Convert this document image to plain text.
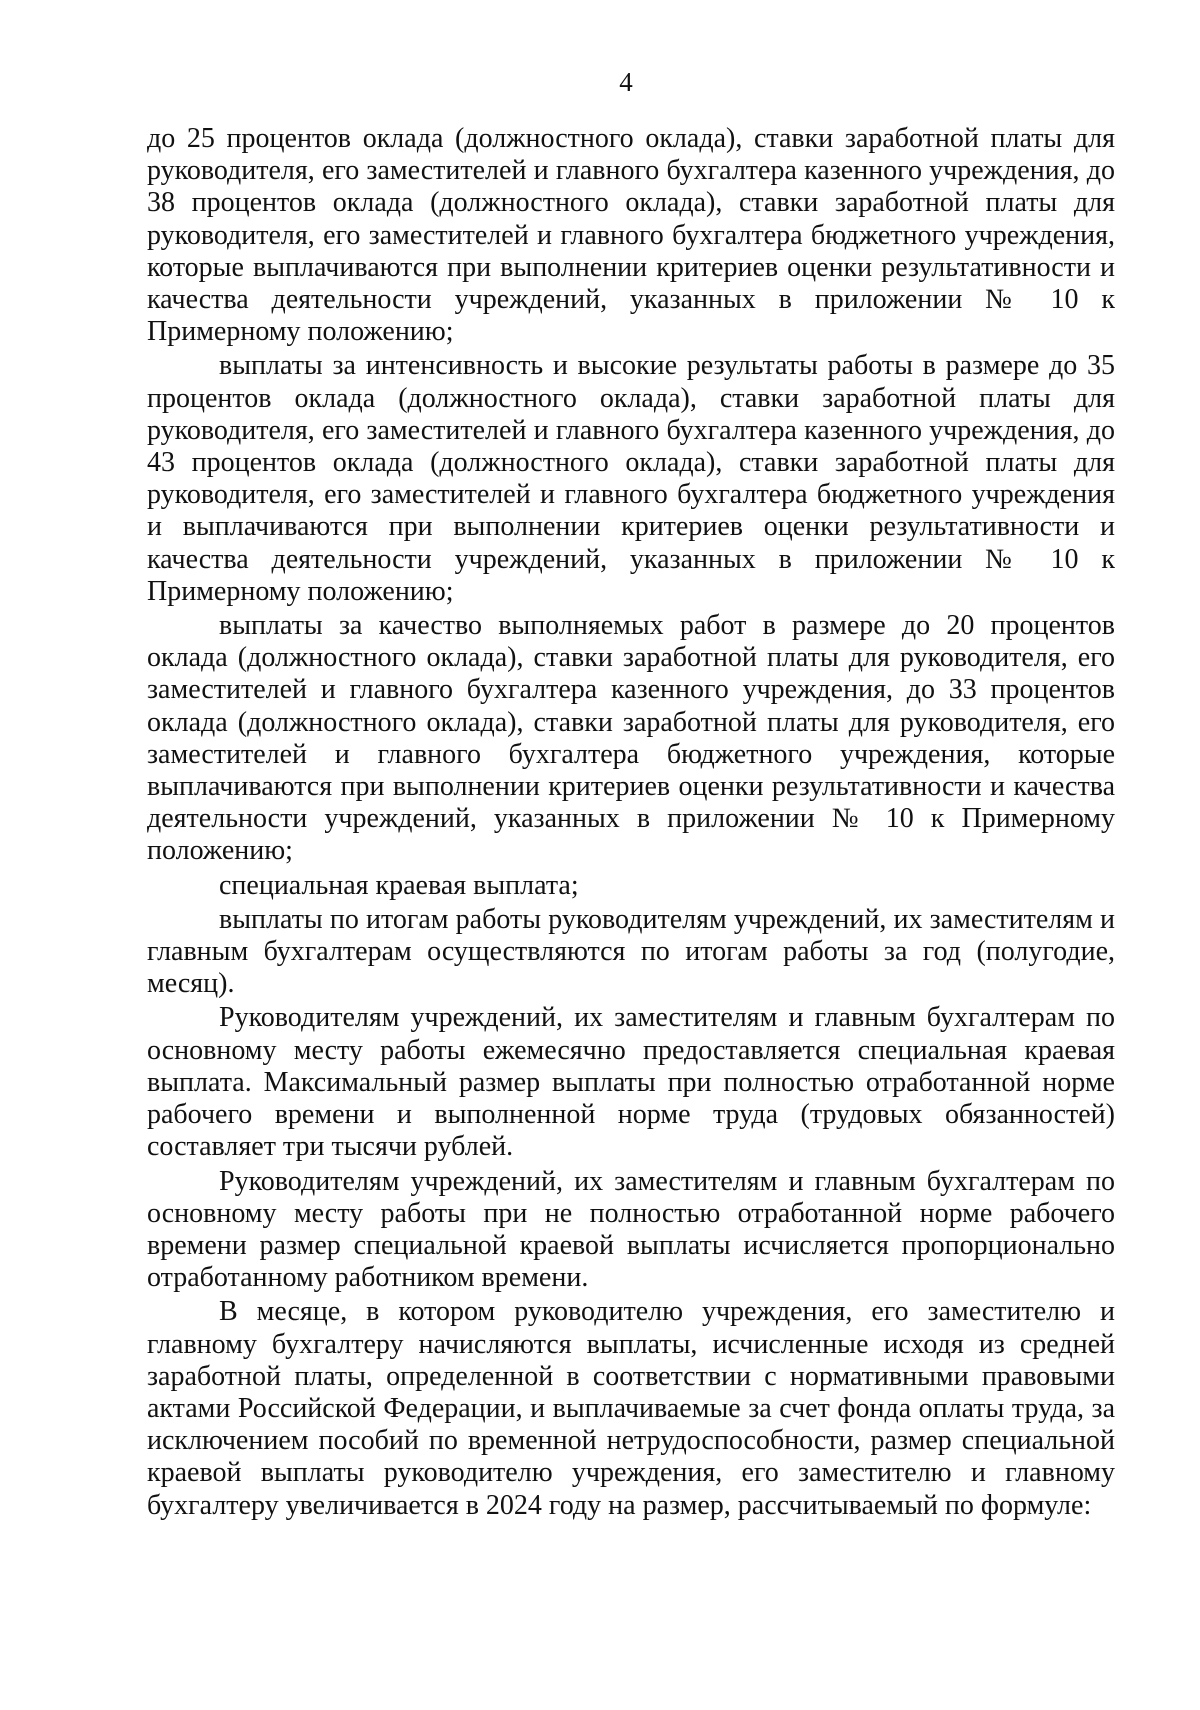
4

до 25 процентов оклада (должностного оклада), ставки заработной платы для руководителя, его заместителей и главного бухгалтера казенного учреждения, до 38 процентов оклада (должностного оклада), ставки заработной платы для руководителя, его заместителей и главного бухгалтера бюджетного учреждения, которые выплачиваются при выполнении критериев оценки результативности и качества деятельности учреждений, указанных в приложении № 10 к Примерному положению;

выплаты за интенсивность и высокие результаты работы в размере до 35 процентов оклада (должностного оклада), ставки заработной платы для руководителя, его заместителей и главного бухгалтера казенного учреждения, до 43 процентов оклада (должностного оклада), ставки заработной платы для руководителя, его заместителей и главного бухгалтера бюджетного учреждения и выплачиваются при выполнении критериев оценки результативности и качества деятельности учреждений, указанных в приложении № 10 к Примерному положению;

выплаты за качество выполняемых работ в размере до 20 процентов оклада (должностного оклада), ставки заработной платы для руководителя, его заместителей и главного бухгалтера казенного учреждения, до 33 процентов оклада (должностного оклада), ставки заработной платы для руководителя, его заместителей и главного бухгалтера бюджетного учреждения, которые выплачиваются при выполнении критериев оценки результативности и качества деятельности учреждений, указанных в приложении № 10 к Примерному положению;

специальная краевая выплата;

выплаты по итогам работы руководителям учреждений, их заместителям и главным бухгалтерам осуществляются по итогам работы за год (полугодие, месяц).

Руководителям учреждений, их заместителям и главным бухгалтерам по основному месту работы ежемесячно предоставляется специальная краевая выплата. Максимальный размер выплаты при полностью отработанной норме рабочего времени и выполненной норме труда (трудовых обязанностей) составляет три тысячи рублей.

Руководителям учреждений, их заместителям и главным бухгалтерам по основному месту работы при не полностью отработанной норме рабочего времени размер специальной краевой выплаты исчисляется пропорционально отработанному работником времени.

В месяце, в котором руководителю учреждения, его заместителю и главному бухгалтеру начисляются выплаты, исчисленные исходя из средней заработной платы, определенной в соответствии с нормативными правовыми актами Российской Федерации, и выплачиваемые за счет фонда оплаты труда, за исключением пособий по временной нетрудоспособности, размер специальной краевой выплаты руководителю учреждения, его заместителю и главному бухгалтеру увеличивается в 2024 году на размер, рассчитываемый по формуле:
